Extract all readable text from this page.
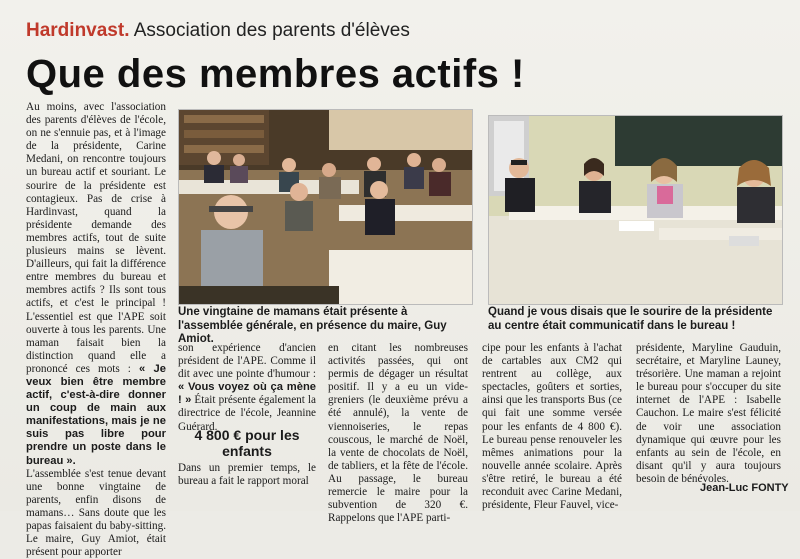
Hardinvast. Association des parents d'élèves
Que des membres actifs !

Au moins, avec l'association des parents d'élèves de l'école, on ne s'ennuie pas, et à l'image de la présidente, Carine Medani, on rencontre toujours un bureau actif et souriant. Le sourire de la présidente est contagieux. Pas de crise à Hardinvast, quand la présidente demande des membres actifs, tout de suite plusieurs mains se lèvent. D'ailleurs, qui fait la différence entre membres du bureau et membres actifs ? Ils sont tous actifs, et c'est le principal ! L'essentiel est que l'APE soit ouverte à tous les parents. Une maman faisait bien la distinction quand elle a prononcé ces mots : « Je veux bien être membre actif, c'est-à-dire donner un coup de main aux manifestations, mais je ne suis pas libre pour prendre un poste dans le bureau ».

L'assemblée s'est tenue devant une bonne vingtaine de parents, enfin disons de mamans… Sans doute que les papas faisaient du baby-sitting. Le maire, Guy Amiot, était présent pour apporter

Une vingtaine de mamans était présente à l'assemblée générale, en présence du maire, Guy Amiot.
Quand je vous disais que le sourire de la présidente au centre était communicatif dans le bureau !

son expérience d'ancien président de l'APE. Comme il dit avec une pointe d'humour : « Vous voyez où ça mène ! » Était présente également la directrice de l'école, Jeannine Guérard.

4 800 € pour les enfants

Dans un premier temps, le bureau a fait le rapport moral

en citant les nombreuses activités passées, qui ont permis de dégager un résultat positif. Il y a eu un vide-greniers (le deuxième prévu a été annulé), la vente de viennoiseries, le repas couscous, le marché de Noël, la vente de chocolats de Noël, de tabliers, et la fête de l'école. Au passage, le bureau remercie le maire pour la subvention de 320 €. Rappelons que l'APE parti-

cipe pour les enfants à l'achat de cartables aux CM2 qui rentrent au collège, aux spectacles, goûters et sorties, ainsi que les transports Bus (ce qui fait une somme versée pour les enfants de 4 800 €). Le bureau pense renouveler les mêmes animations pour la nouvelle année scolaire. Après s'être retiré, le bureau a été reconduit avec Carine Medani, présidente, Fleur Fauvel, vice-

présidente, Maryline Gauduin, secrétaire, et Maryline Launey, trésorière. Une maman a rejoint le bureau pour s'occuper du site internet de l'APE : Isabelle Cauchon. Le maire s'est félicité de voir une association dynamique qui œuvre pour les enfants au sein de l'école, en disant qu'il y aura toujours besoin de bénévoles.

Jean-Luc FONTY
